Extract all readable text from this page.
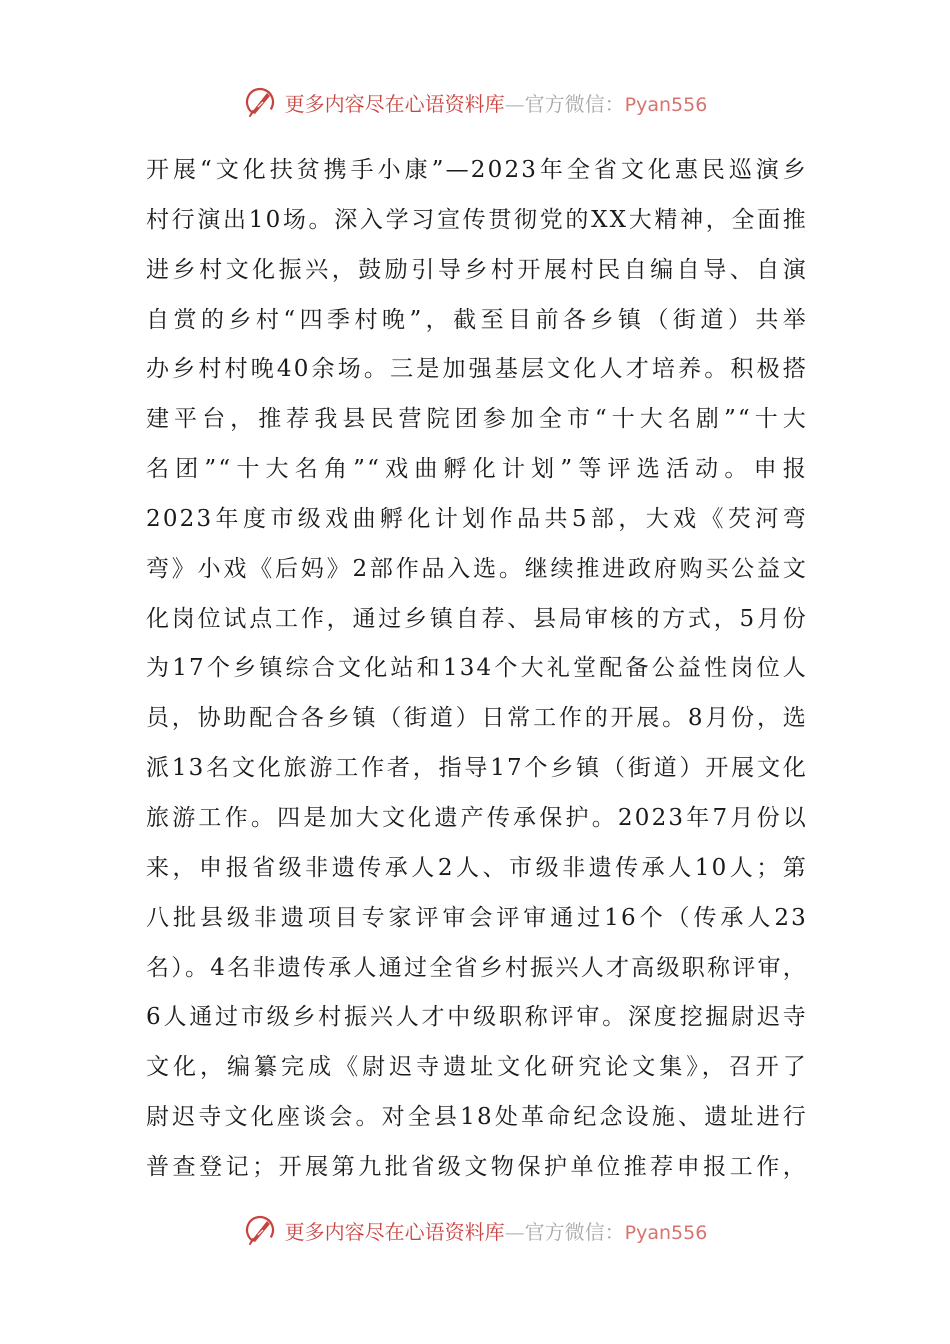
更多内容尽在心语资料库—官方微信：Pyan556
开展“文化扶贫携手小康”—2023年全省文化惠民巡演乡
村行演出10场。深入学习宣传贯彻党的XX大精神，全面推
进乡村文化振兴，鼓励引导乡村开展村民自编自导、自演
自赏的乡村“四季村晚”，截至目前各乡镇（街道）共举
办乡村村晚40余场。三是加强基层文化人才培养。积极搭
建平台，推荐我县民营院团参加全市“十大名剧”“十大
名团”“十大名角”“戏曲孵化计划”等评选活动。申报
2023年度市级戏曲孵化计划作品共5部，大戏《芡河弯
弯》小戏《后妈》2部作品入选。继续推进政府购买公益文
化岗位试点工作，通过乡镇自荐、县局审核的方式，5月份
为17个乡镇综合文化站和134个大礼堂配备公益性岗位人
员，协助配合各乡镇（街道）日常工作的开展。8月份，选
派13名文化旅游工作者，指导17个乡镇（街道）开展文化
旅游工作。四是加大文化遗产传承保护。2023年7月份以
来，申报省级非遗传承人2人、市级非遗传承人10人；第
八批县级非遗项目专家评审会评审通过16个（传承人23
名）。4名非遗传承人通过全省乡村振兴人才高级职称评审，
6人通过市级乡村振兴人才中级职称评审。深度挖掘尉迟寺
文化，编纂完成《尉迟寺遗址文化研究论文集》，召开了
尉迟寺文化座谈会。对全县18处革命纪念设施、遗址进行
普查登记；开展第九批省级文物保护单位推荐申报工作，
更多内容尽在心语资料库—官方微信：Pyan556
